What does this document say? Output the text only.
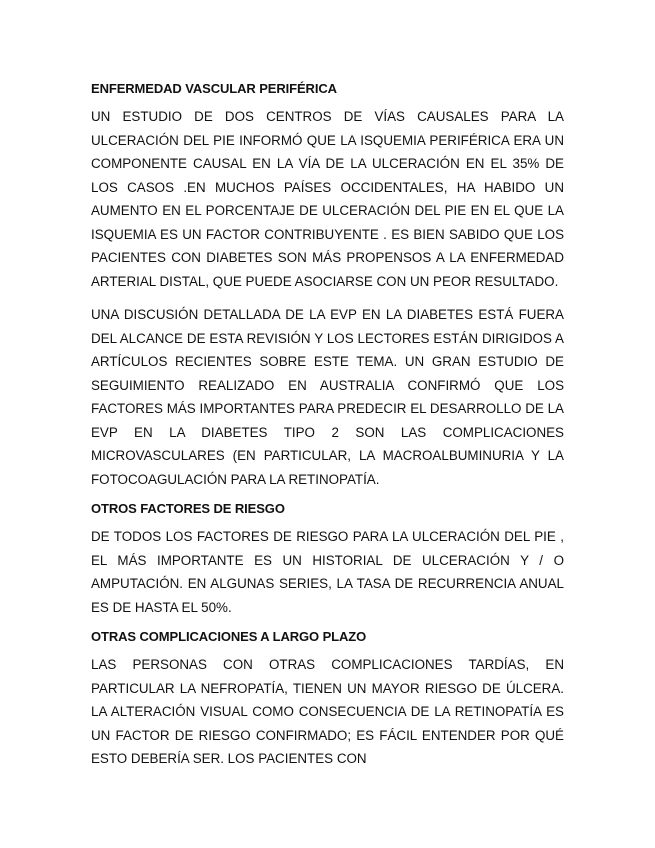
ENFERMEDAD VASCULAR PERIFÉRICA

UN ESTUDIO DE DOS CENTROS DE VÍAS CAUSALES PARA LA ULCERACIÓN DEL PIE INFORMÓ QUE LA ISQUEMIA PERIFÉRICA ERA UN COMPONENTE CAUSAL EN LA VÍA DE LA ULCERACIÓN EN EL 35% DE LOS CASOS .EN MUCHOS PAÍSES OCCIDENTALES, HA HABIDO UN AUMENTO EN EL PORCENTAJE DE ULCERACIÓN DEL PIE EN EL QUE LA ISQUEMIA ES UN FACTOR CONTRIBUYENTE . ES BIEN SABIDO QUE LOS PACIENTES CON DIABETES SON MÁS PROPENSOS A LA ENFERMEDAD ARTERIAL DISTAL, QUE PUEDE ASOCIARSE CON UN PEOR RESULTADO.

UNA DISCUSIÓN DETALLADA DE LA EVP EN LA DIABETES ESTÁ FUERA DEL ALCANCE DE ESTA REVISIÓN Y LOS LECTORES ESTÁN DIRIGIDOS A ARTÍCULOS RECIENTES SOBRE ESTE TEMA. UN GRAN ESTUDIO DE SEGUIMIENTO REALIZADO EN AUSTRALIA CONFIRMÓ QUE LOS FACTORES MÁS IMPORTANTES PARA PREDECIR EL DESARROLLO DE LA EVP EN LA DIABETES TIPO 2 SON LAS COMPLICACIONES MICROVASCULARES (EN PARTICULAR, LA MACROALBUMINURIA Y LA FOTOCOAGULACIÓN PARA LA RETINOPATÍA.

OTROS FACTORES DE RIESGO

DE TODOS LOS FACTORES DE RIESGO PARA LA ULCERACIÓN DEL PIE , EL MÁS IMPORTANTE ES UN HISTORIAL DE ULCERACIÓN Y / O AMPUTACIÓN. EN ALGUNAS SERIES, LA TASA DE RECURRENCIA ANUAL ES DE HASTA EL 50%.

OTRAS COMPLICACIONES A LARGO PLAZO

LAS PERSONAS CON OTRAS COMPLICACIONES TARDÍAS, EN PARTICULAR LA NEFROPATÍA, TIENEN UN MAYOR RIESGO DE ÚLCERA. LA ALTERACIÓN VISUAL COMO CONSECUENCIA DE LA RETINOPATÍA ES UN FACTOR DE RIESGO CONFIRMADO; ES FÁCIL ENTENDER POR QUÉ ESTO DEBERÍA SER. LOS PACIENTES CON
